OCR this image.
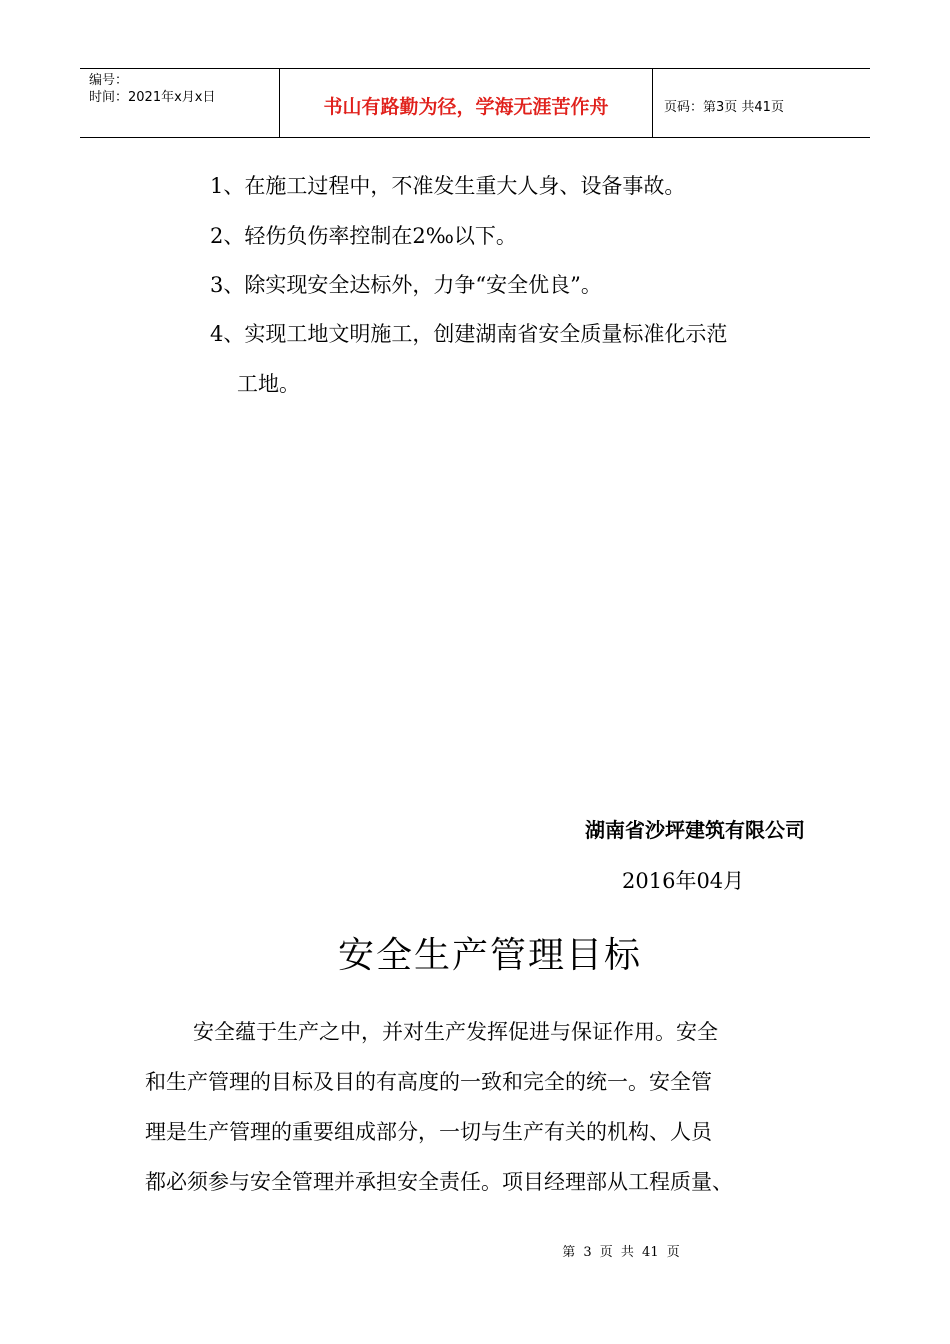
编号：
时间：2021年x月x日	书山有路勤为径，学海无涯苦作舟	页码：第3页 共41页
1、在施工过程中，不准发生重大人身、设备事故。
2、轻伤负伤率控制在2‰以下。
3、除实现安全达标外，力争“安全优良”。
4、实现工地文明施工，创建湖南省安全质量标准化示范
工地。
湖南省沙坪建筑有限公司
2016年04月
安全生产管理目标
安全蕴于生产之中，并对生产发挥促进与保证作用。安全
和生产管理的目标及目的有高度的一致和完全的统一。安全管
理是生产管理的重要组成部分，一切与生产有关的机构、人员
都必须参与安全管理并承担安全责任。项目经理部从工程质量、
第 3 页 共 41 页
